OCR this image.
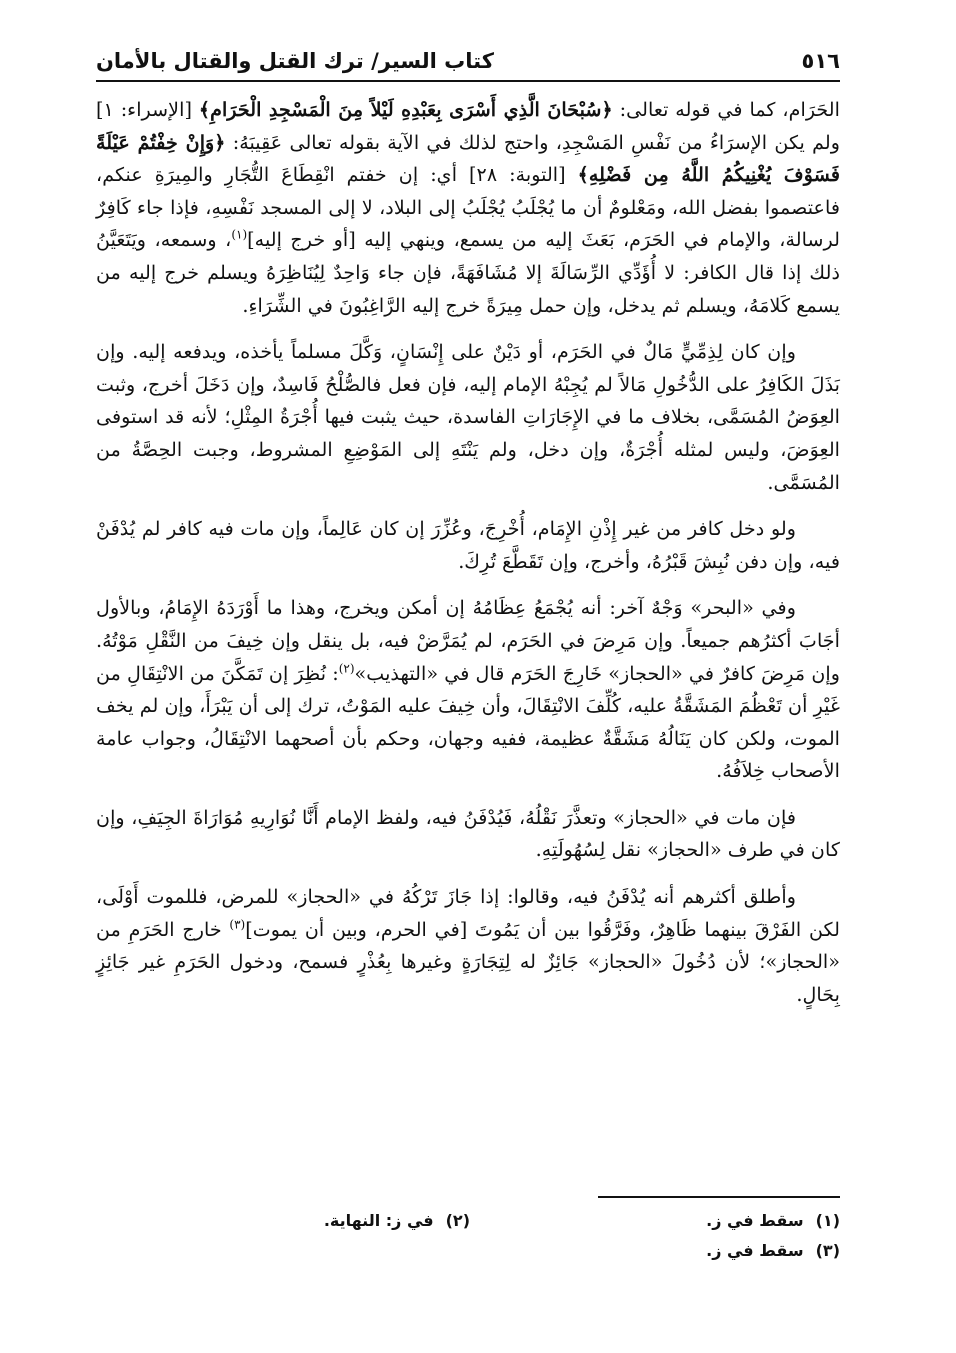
٥١٦
كتاب السير/ ترك القتل والقتال بالأمان

الحَرَام، كما في قوله تعالى: ﴿سُبْحَانَ الَّذِي أَسْرَى بِعَبْدِهِ لَيْلاً مِنَ الْمَسْجِدِ الْحَرَامِ﴾ [الإسراء: ١] ولم يكن الإسرَاءُ من نَفْسِ المَسْجِدِ، واحتج لذلك في الآية بقوله تعالى عَقِيبَهُ: ﴿وَإِنْ خِفْتُمْ عَيْلَةً فَسَوْفَ يُغْنِيكُمُ اللَّهُ مِن فَضْلِهِ﴾ [التوبة: ٢٨] أي: إن خفتم انْقِطَاعَ التُّجَارِ والمِيرَةِ عنكم، فاعتصموا بفضل الله، ومَعْلومٌ أن ما يُجْلَبُ يُجْلَبُ إلى البلاد، لا إلى المسجد نَفْسِهِ، فإذا جاء كَافِرٌ لرسالة، والإمام في الحَرَم، بَعَثَ إليه من يسمع، وينهي إليه [أو خرج إليه]$^{(١)}$، وسمعه، ويَتَعَيَّنُ ذلك إذا قال الكافر: لا أُؤَدِّي الرِّسَالَةَ إلا مُشَافَهَةً، فإن جاء وَاحِدٌ لِيُنَاظِرَهُ ويسلم خرج إليه من يسمع كَلامَهُ، ويسلم ثم يدخل، وإن حمل مِيرَةً خرج إليه الرَّاغِبُونَ في الشِّرَاءِ.

وإن كان لِذِمِّيٍّ مَالٌ في الحَرَم، أو دَيْنٌ على إِنْسَانٍ، وَكَّلَ مسلماً يأخذه، ويدفعه إليه. وإن بَذَلَ الكَافِرُ على الدُّخُولِ مَالاً لم يُجِبْهُ الإمام إليه، فإن فعل فالصُّلْحُ فَاسِدٌ، وإن دَخَلَ أخرج، وثبت العِوَضُ المُسَمَّى، بخلاف ما في الإِجَارَاتِ الفاسدة، حيث يثبت فيها أُجْرَةُ المِثْلِ؛ لأنه قد استوفى العِوَضَ، وليس لمثله أُجْرَةٌ، وإن دخل، ولم يَنْتَهِ إلى المَوْضِعِ المشروط، وجبت الحِصَّةُ من المُسَمَّى.

ولو دخل كافر من غير إِذْنِ الإِمَام، أُخْرِجَ، وعُزِّرَ إن كان عَالِماً، وإن مات فيه كافر لم يُدْفَنْ فيه، وإن دفن نُبِشَ قَبْرُهُ، وأخرج، وإن تَقَطَّعَ تُرِكَ.

وفي «البحر» وَجْهٌ آخر: أنه يُجْمَعُ عِظَامُهُ إن أمكن ويخرج، وهذا ما أَوْرَدَهُ الإِمَامُ، وبالأول أجَابَ أكثرُهم جميعاً. وإن مَرِضَ في الحَرَم، لم يُمَرَّضْ فيه، بل ينقل وإن خِيفَ من النَّقْلِ مَوْتُهُ. وإن مَرِضَ كافرٌ في «الحجاز» خَارِجَ الحَرَم قال في «التهذيب»$^{(٢)}$: نُظِرَ إن تَمَكَّنَ من الانْتِقَالِ من غَيْرِ أن تَعْظُمَ المَشَقَّةُ عليه، كُلِّفَ الانْتِقَالَ، وأن خِيفَ عليه المَوْتُ، ترك إلى أن يَبْرَأَ، وإن لم يخف الموت، ولكن كان يَنَالُهُ مَشَقَّةٌ عظيمة، ففيه وجهان، وحكم بأن أصحهما الانْتِقَالُ، وجواب عامة الأصحاب خِلاَفُهُ.

فإن مات في «الحجاز» وتعذَّرَ نَقْلُهُ، فَيُدْفَنُ فيه، ولفظ الإمام أَنَّا نُوَارِيهِ مُوَارَاةَ الجِيَفِ، وإن كان في طرف «الحجاز» نقل لِسُهُولَتِهِ.

وأطلق أكثرهم أنه يُدْفَنُ فيه، وقالوا: إذا جَازَ تَرْكُهُ في «الحجاز» للمرض، فللموت أَوْلَى، لكن الفَرْقَ بينهما ظَاهِرٌ، وفَرَّقُوا بين أن يَمُوتَ [في الحرم، وبين أن يموت]$^{(٣)}$ خارج الحَرَمِ من «الحجاز»؛ لأن دُخُولَ «الحجاز» جَائِزٌ له لِتِجَارَةٍ وغيرها بِعُذْرٍ فسمح، ودخول الحَرَمِ غير جَائِزٍ بِحَالٍ.

(١)
سقط في ز.
(٢)
في ز: النهاية.
(٣)
سقط في ز.
